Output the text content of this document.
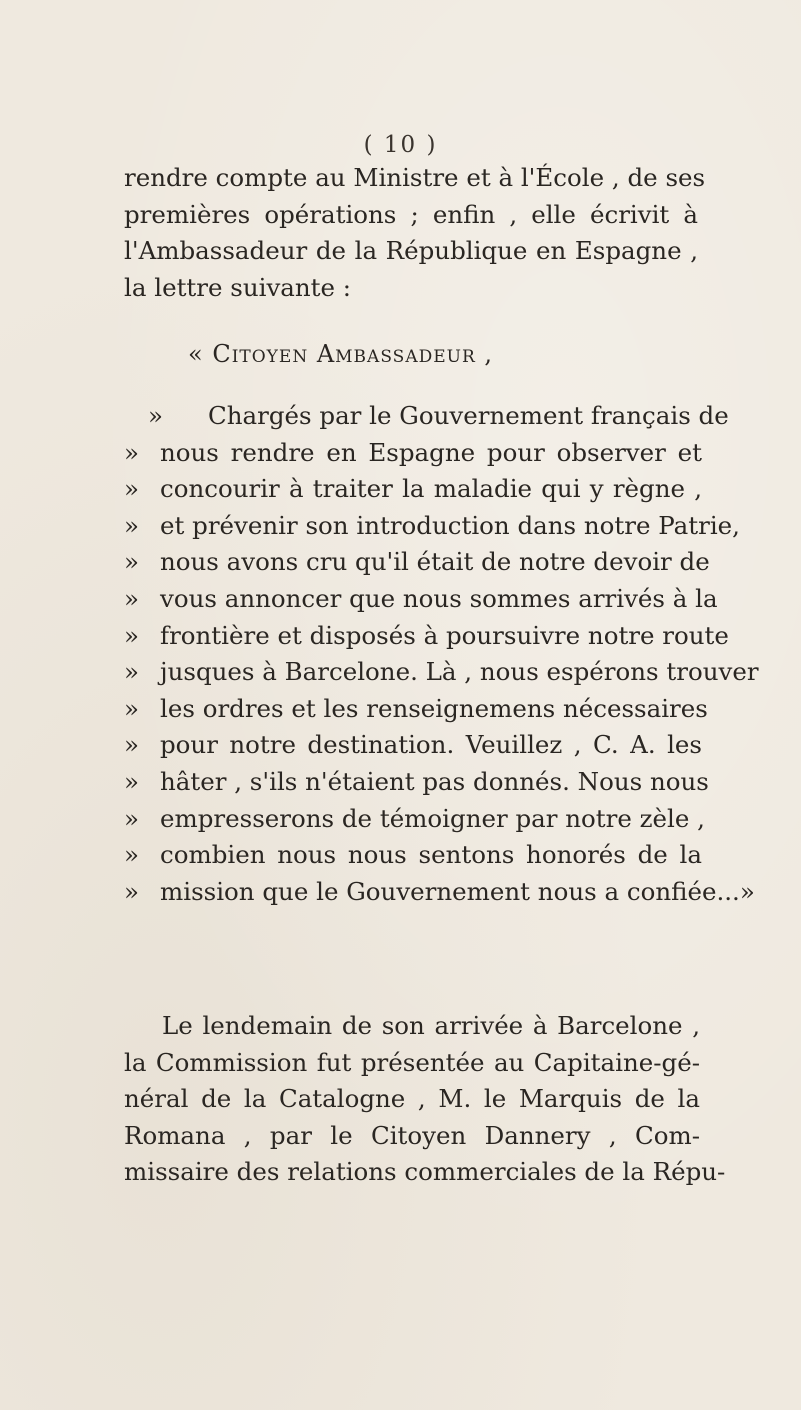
( 10 )
rendre compte au Ministre et à l'École , de ses
premières opérations ; enfin , elle écrivit à
l'Ambassadeur de la République en Espagne ,
la lettre suivante :
« Citoyen Ambassadeur ,
»	Chargés par le Gouvernement français de
» nous rendre en Espagne pour observer et
» concourir à traiter la maladie qui y règne ,
» et prévenir son introduction dans notre Patrie,
» nous avons cru qu'il était de notre devoir de
» vous annoncer que nous sommes arrivés à la
» frontière et disposés à poursuivre notre route
» jusques à Barcelone. Là , nous espérons trouver
» les ordres et les renseignemens nécessaires
» pour notre destination. Veuillez , C. A. les
» hâter , s'ils n'étaient pas donnés. Nous nous
» empresserons de témoigner par notre zèle ,
» combien nous nous sentons honorés de la
» mission que le Gouvernement nous a confiée...»
Le lendemain de son arrivée à Barcelone ,
la Commission fut présentée au Capitaine-gé-
néral de la Catalogne , M. le Marquis de la
Romana , par le Citoyen Dannery , Com-
missaire des relations commerciales de la Répu-
